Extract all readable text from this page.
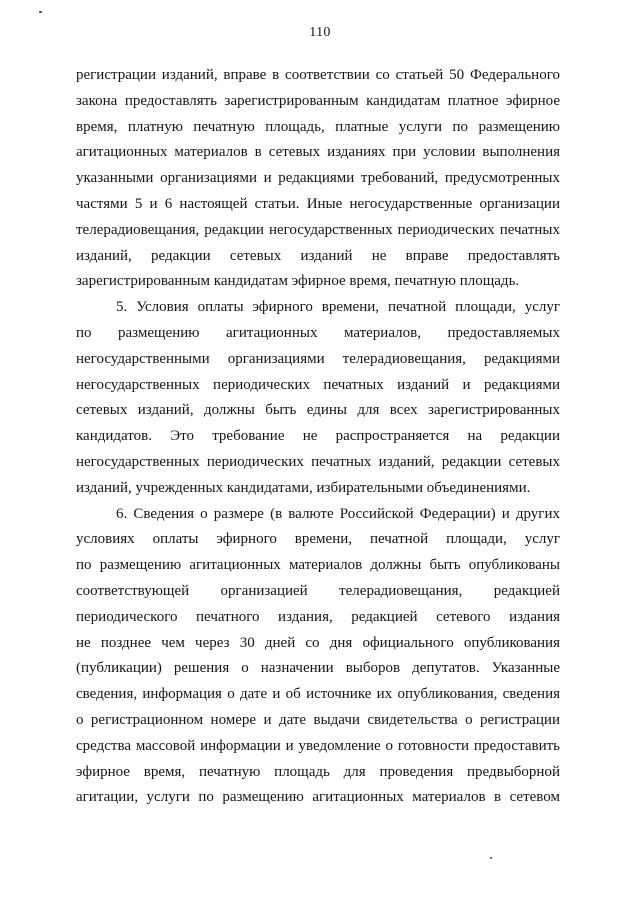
110
регистрации изданий, вправе в соответствии со статьей 50 Федерального
закона предоставлять зарегистрированным кандидатам платное эфирное
время, платную печатную площадь, платные услуги по размещению
агитационных материалов в сетевых изданиях при условии выполнения
указанными организациями и редакциями требований, предусмотренных
частями 5 и 6 настоящей статьи. Иные негосударственные организации
телерадиовещания, редакции негосударственных периодических печатных
изданий, редакции сетевых изданий не вправе предоставлять
зарегистрированным кандидатам эфирное время, печатную площадь.
5. Условия оплаты эфирного времени, печатной площади, услуг
по размещению агитационных материалов, предоставляемых
негосударственными организациями телерадиовещания, редакциями
негосударственных периодических печатных изданий и редакциями
сетевых изданий, должны быть едины для всех зарегистрированных
кандидатов. Это требование не распространяется на редакции
негосударственных периодических печатных изданий, редакции сетевых
изданий, учрежденных кандидатами, избирательными объединениями.
6. Сведения о размере (в валюте Российской Федерации) и других
условиях оплаты эфирного времени, печатной площади, услуг
по размещению агитационных материалов должны быть опубликованы
соответствующей организацией телерадиовещания, редакцией
периодического печатного издания, редакцией сетевого издания
не позднее чем через 30 дней со дня официального опубликования
(публикации) решения о назначении выборов депутатов. Указанные
сведения, информация о дате и об источнике их опубликования, сведения
о регистрационном номере и дате выдачи свидетельства о регистрации
средства массовой информации и уведомление о готовности предоставить
эфирное время, печатную площадь для проведения предвыборной
агитации, услуги по размещению агитационных материалов в сетевом
